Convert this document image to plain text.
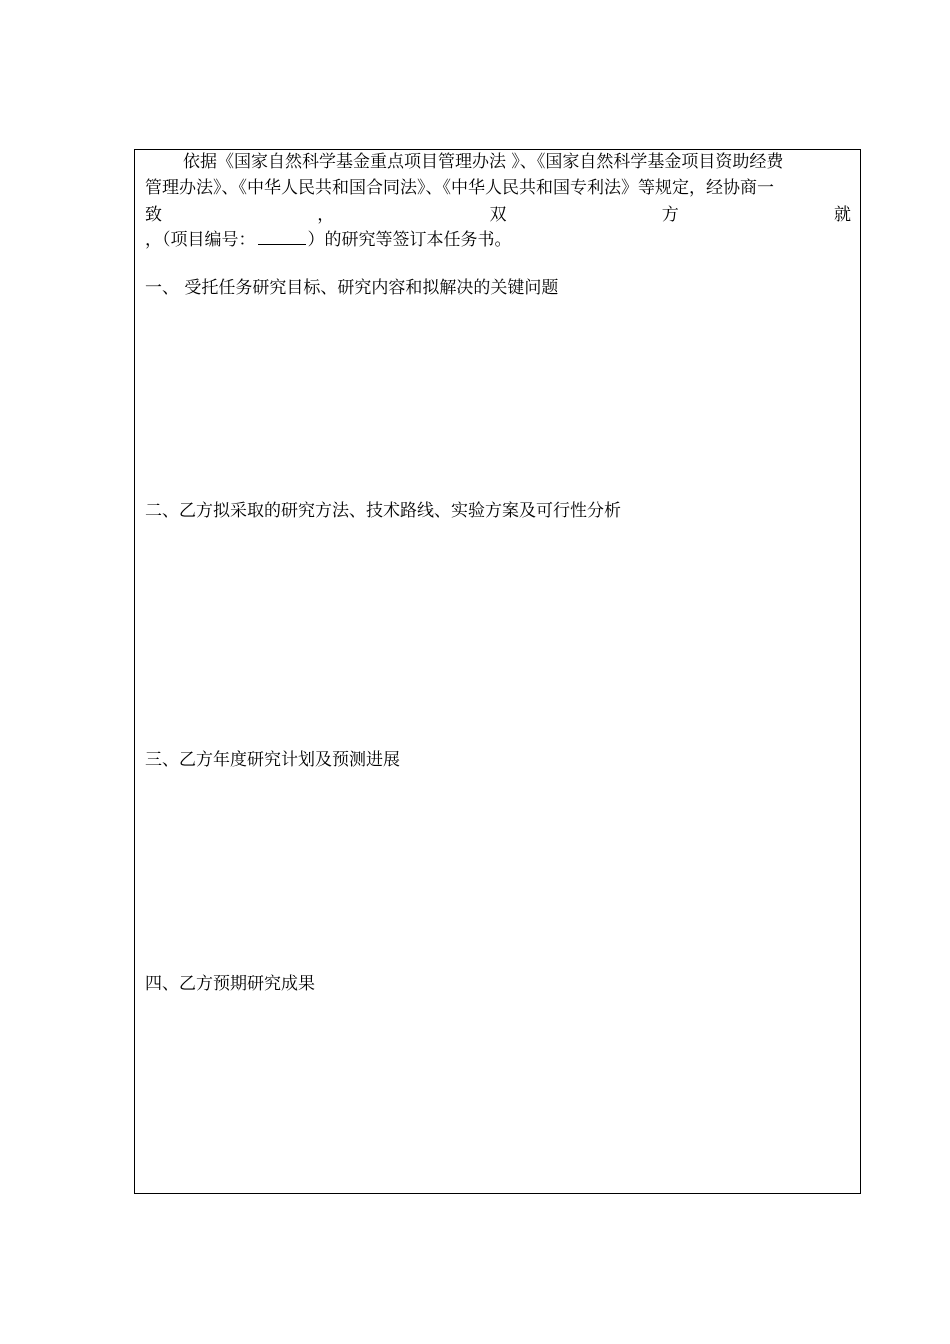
依据《国家自然科学基金重点项目管理办法 》、《国家自然科学基金项目资助经费
管理办法》、《中华人民共和国合同法》、《中华人民共和国专利法》等规定，经协商一
致	，	双	方	就
，（项目编号：	）的研究等签订本任务书。
一、 受托任务研究目标、研究内容和拟解决的关键问题
二、乙方拟采取的研究方法、技术路线、实验方案及可行性分析
三、乙方年度研究计划及预测进展
四、乙方预期研究成果
